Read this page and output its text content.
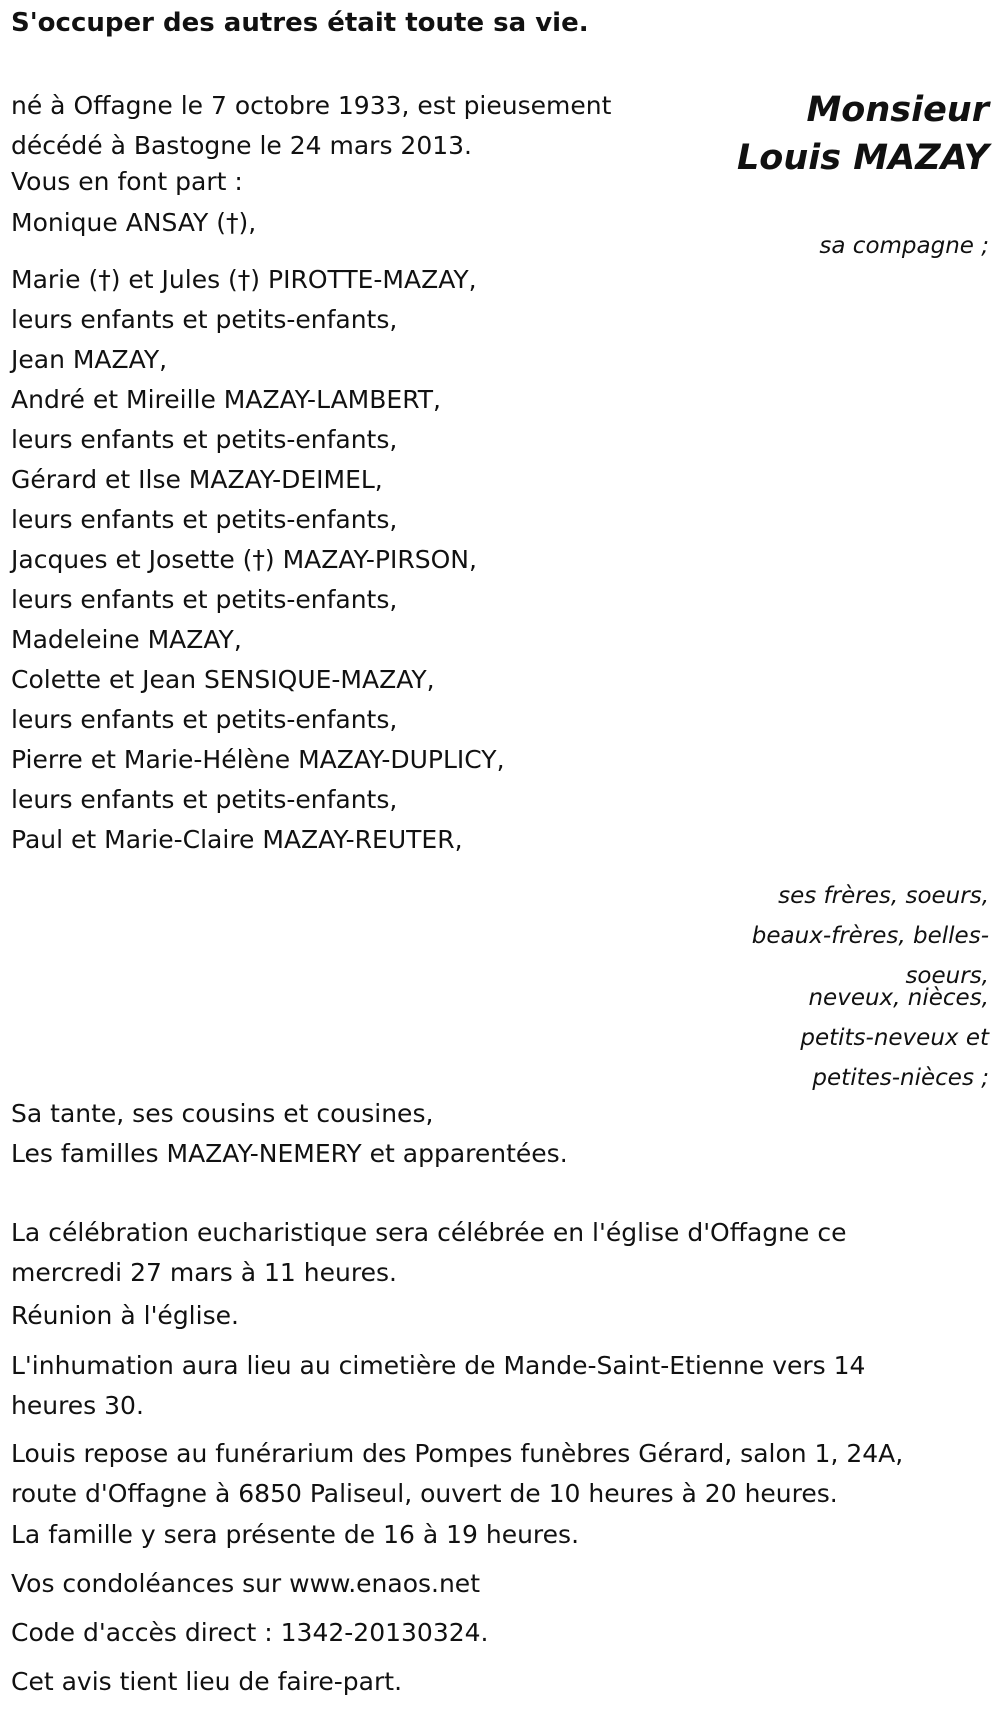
S'occuper des autres était toute sa vie.
Monsieur
Louis MAZAY
né à Offagne le 7 octobre 1933, est pieusement
décédé à Bastogne le 24 mars 2013.
Vous en font part :
Monique ANSAY (†),
sa compagne ;
Marie (†) et Jules (†) PIROTTE-MAZAY,
leurs enfants et petits-enfants,
Jean MAZAY,
André et Mireille MAZAY-LAMBERT,
leurs enfants et petits-enfants,
Gérard et Ilse MAZAY-DEIMEL,
leurs enfants et petits-enfants,
Jacques et Josette (†) MAZAY-PIRSON,
leurs enfants et petits-enfants,
Madeleine MAZAY,
Colette et Jean SENSIQUE-MAZAY,
leurs enfants et petits-enfants,
Pierre et Marie-Hélène MAZAY-DUPLICY,
leurs enfants et petits-enfants,
Paul et Marie-Claire MAZAY-REUTER,
ses frères, soeurs,
beaux-frères, belles-
soeurs,
neveux, nièces,
petits-neveux et
petites-nièces ;
Sa tante, ses cousins et cousines,
Les familles MAZAY-NEMERY et apparentées.
La célébration eucharistique sera célébrée en l'église d'Offagne ce
mercredi 27 mars à 11 heures.
Réunion à l'église.
L'inhumation aura lieu au cimetière de Mande-Saint-Etienne vers 14
heures 30.
Louis repose au funérarium des Pompes funèbres Gérard, salon 1, 24A,
route d'Offagne à 6850 Paliseul, ouvert de 10 heures à 20 heures.
La famille y sera présente de 16 à 19 heures.
Vos condoléances sur www.enaos.net
Code d'accès direct : 1342-20130324.
Cet avis tient lieu de faire-part.
